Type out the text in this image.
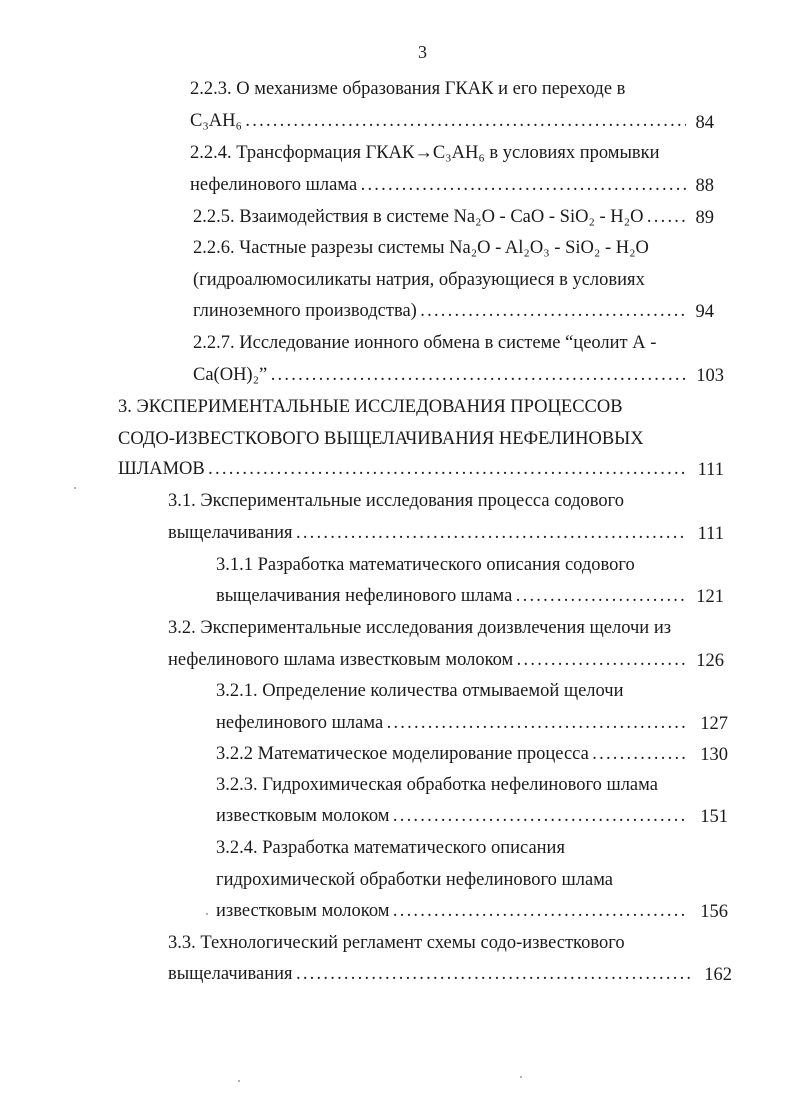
3
2.2.3. О механизме образования ГКАК и его переходе в
C₃AH₆ . . .	84
2.2.4. Трансформация ГКАК→C₃AH₆ в условиях промывки
нефелинового шлама . . .	88
2.2.5. Взаимодействия в системе Na₂O - CaO - SiO₂ - H₂O . . .	89
2.2.6. Частные разрезы системы Na₂O - Al₂O₃ - SiO₂ - H₂O
(гидроалюмосиликаты натрия, образующиеся в условиях
глиноземного производства) . . .	94
2.2.7. Исследование ионного обмена в системе “цеолит А -
Ca(OH)₂” . . .	103
3. ЭКСПЕРИМЕНТАЛЬНЫЕ ИССЛЕДОВАНИЯ ПРОЦЕССОВ
СОДО-ИЗВЕСТКОВОГО ВЫЩЕЛАЧИВАНИЯ НЕФЕЛИНОВЫХ
ШЛАМОВ . . .	111
3.1. Экспериментальные исследования процесса содового
выщелачивания . . .	111
3.1.1 Разработка математического описания содового
выщелачивания нефелинового шлама . . .	121
3.2. Экспериментальные исследования доизвлечения щелочи из
нефелинового шлама известковым молоком . . .	126
3.2.1. Определение количества отмываемой щелочи
нефелинового шлама . . .	127
3.2.2 Математическое моделирование процесса . . .	130
3.2.3. Гидрохимическая обработка нефелинового шлама
известковым молоком . . .	151
3.2.4. Разработка математического описания
гидрохимической обработки нефелинового шлама
известковым молоком . . .	156
3.3. Технологический регламент схемы содо-известкового
выщелачивания . . .	162
